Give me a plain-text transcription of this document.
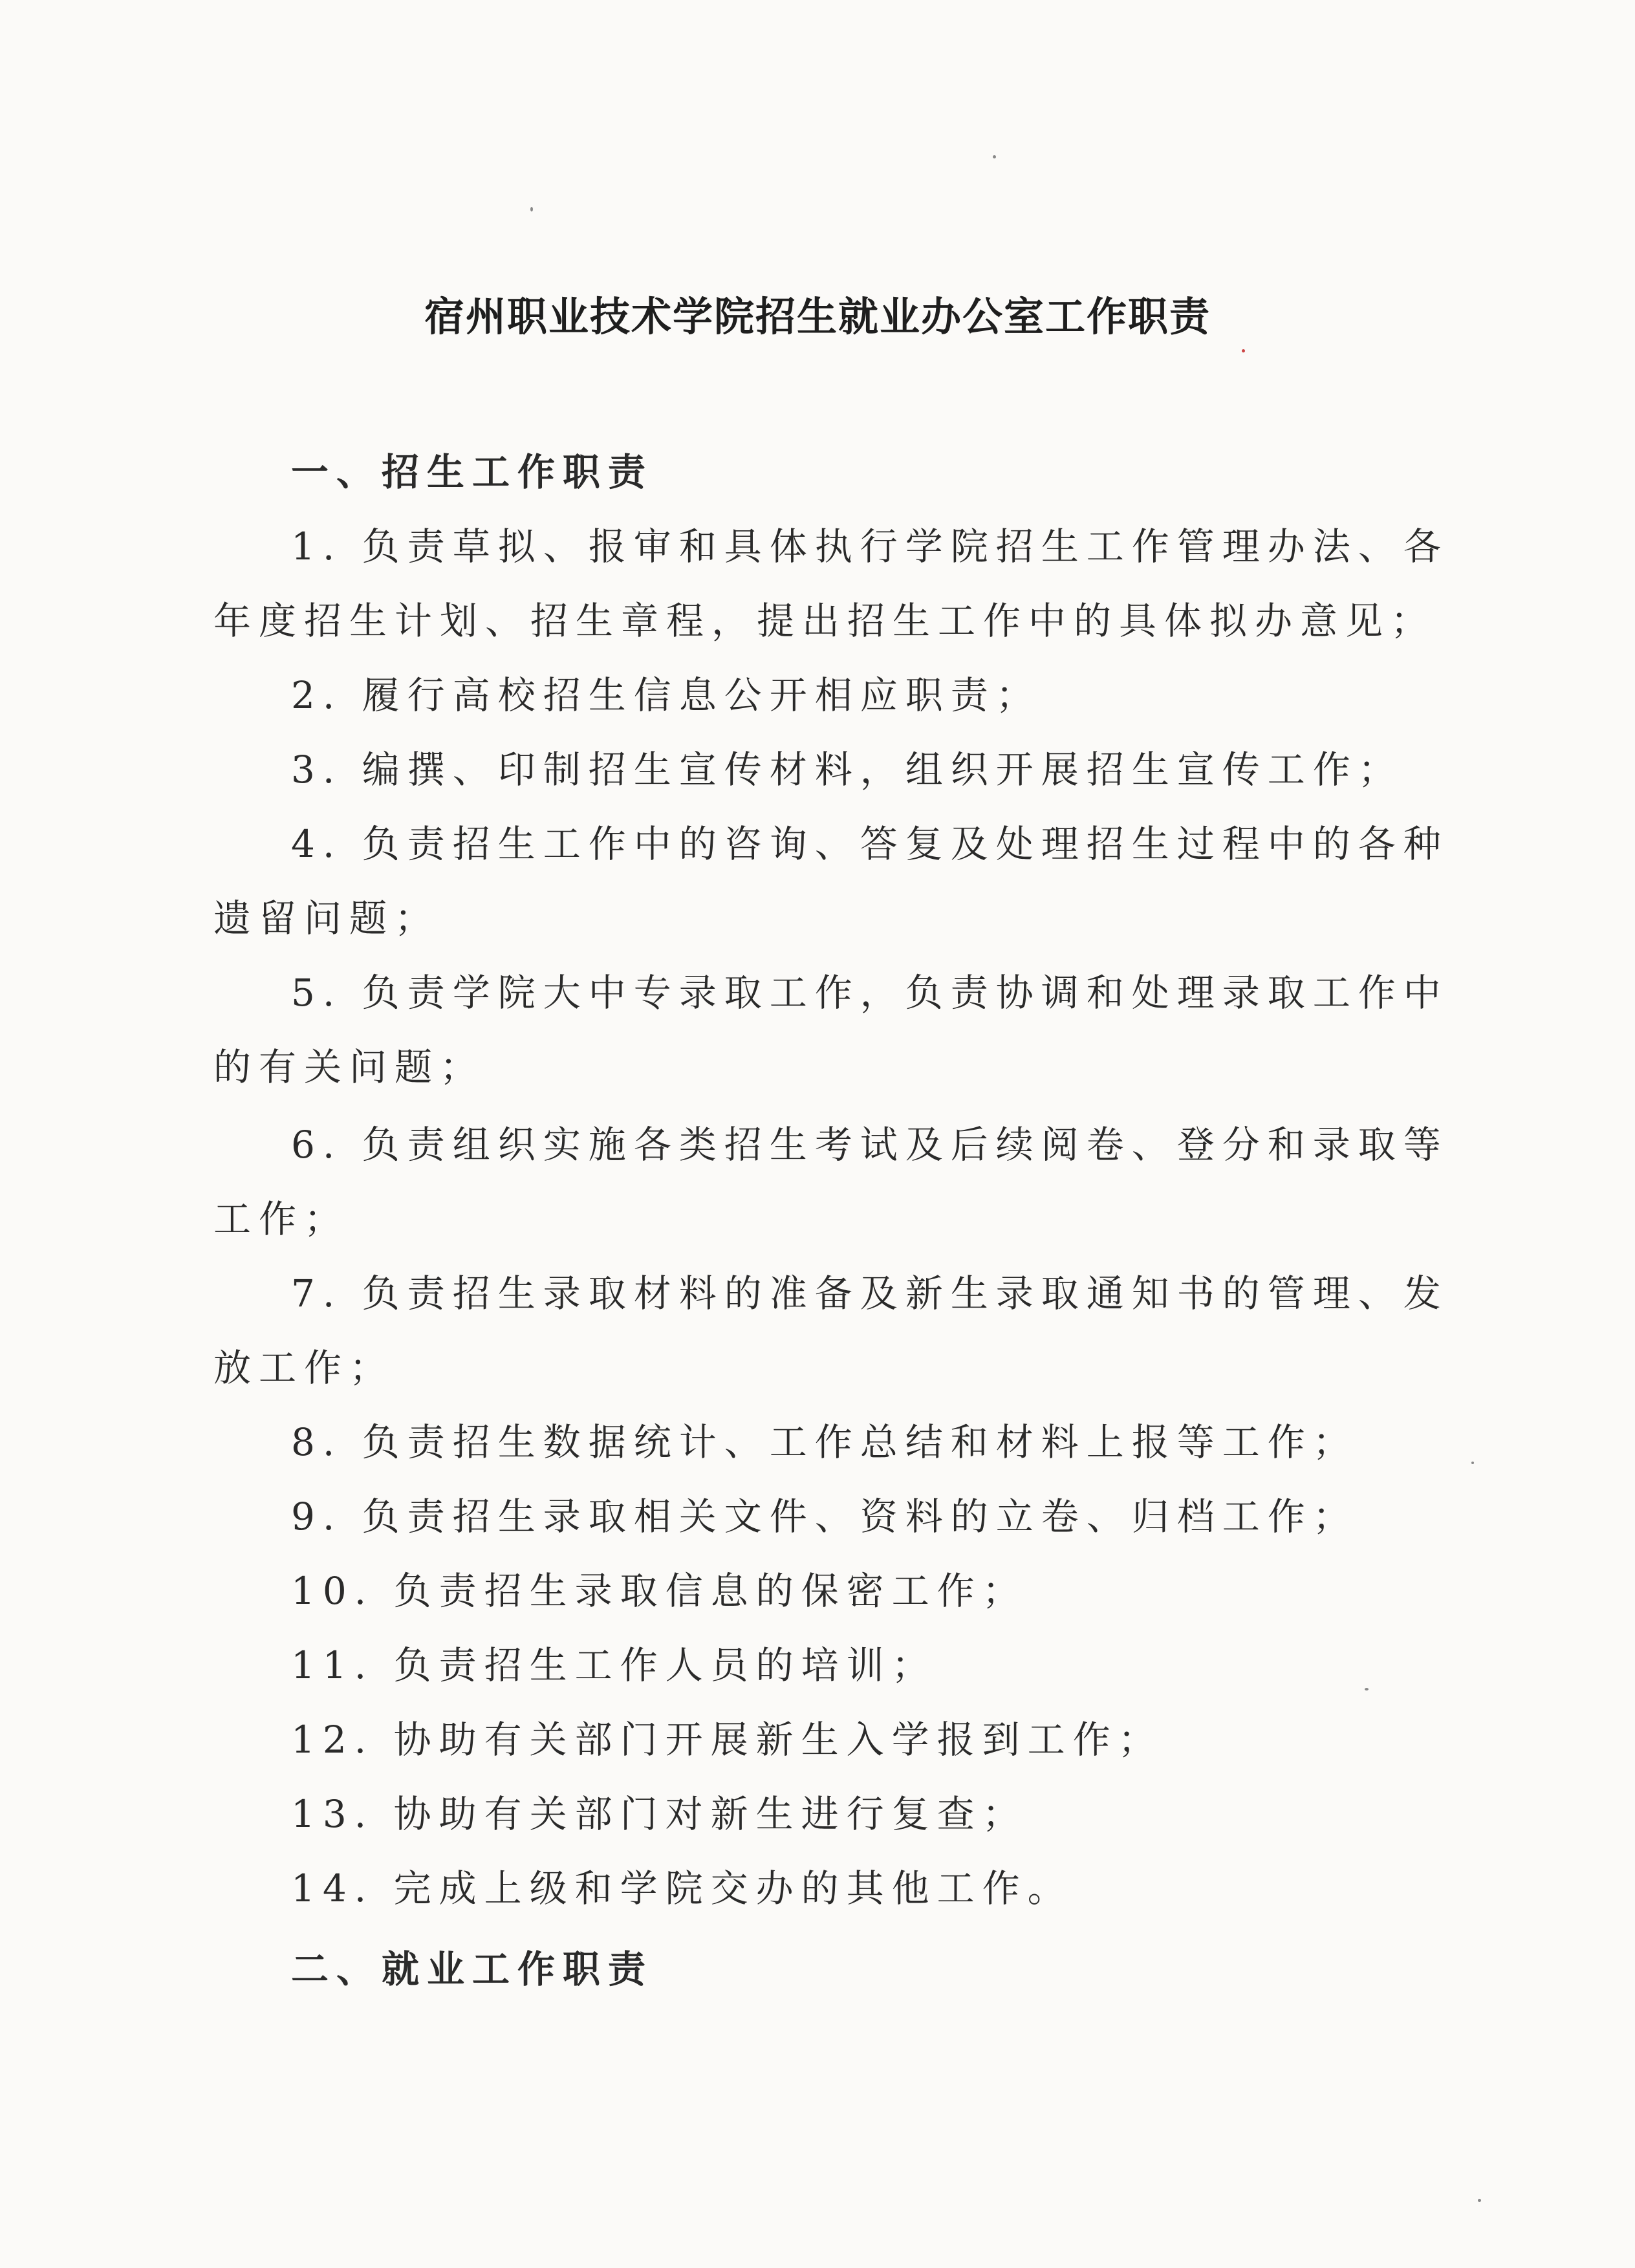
宿州职业技术学院招生就业办公室工作职责
一、招生工作职责
1. 负责草拟、报审和具体执行学院招生工作管理办法、各
年度招生计划、招生章程，提出招生工作中的具体拟办意见；
2. 履行高校招生信息公开相应职责；
3. 编撰、印制招生宣传材料，组织开展招生宣传工作；
4. 负责招生工作中的咨询、答复及处理招生过程中的各种
遗留问题；
5. 负责学院大中专录取工作，负责协调和处理录取工作中
的有关问题；
6. 负责组织实施各类招生考试及后续阅卷、登分和录取等
工作；
7. 负责招生录取材料的准备及新生录取通知书的管理、发
放工作；
8. 负责招生数据统计、工作总结和材料上报等工作；
9. 负责招生录取相关文件、资料的立卷、归档工作；
10. 负责招生录取信息的保密工作；
11. 负责招生工作人员的培训；
12. 协助有关部门开展新生入学报到工作；
13. 协助有关部门对新生进行复查；
14. 完成上级和学院交办的其他工作。
二、就业工作职责
